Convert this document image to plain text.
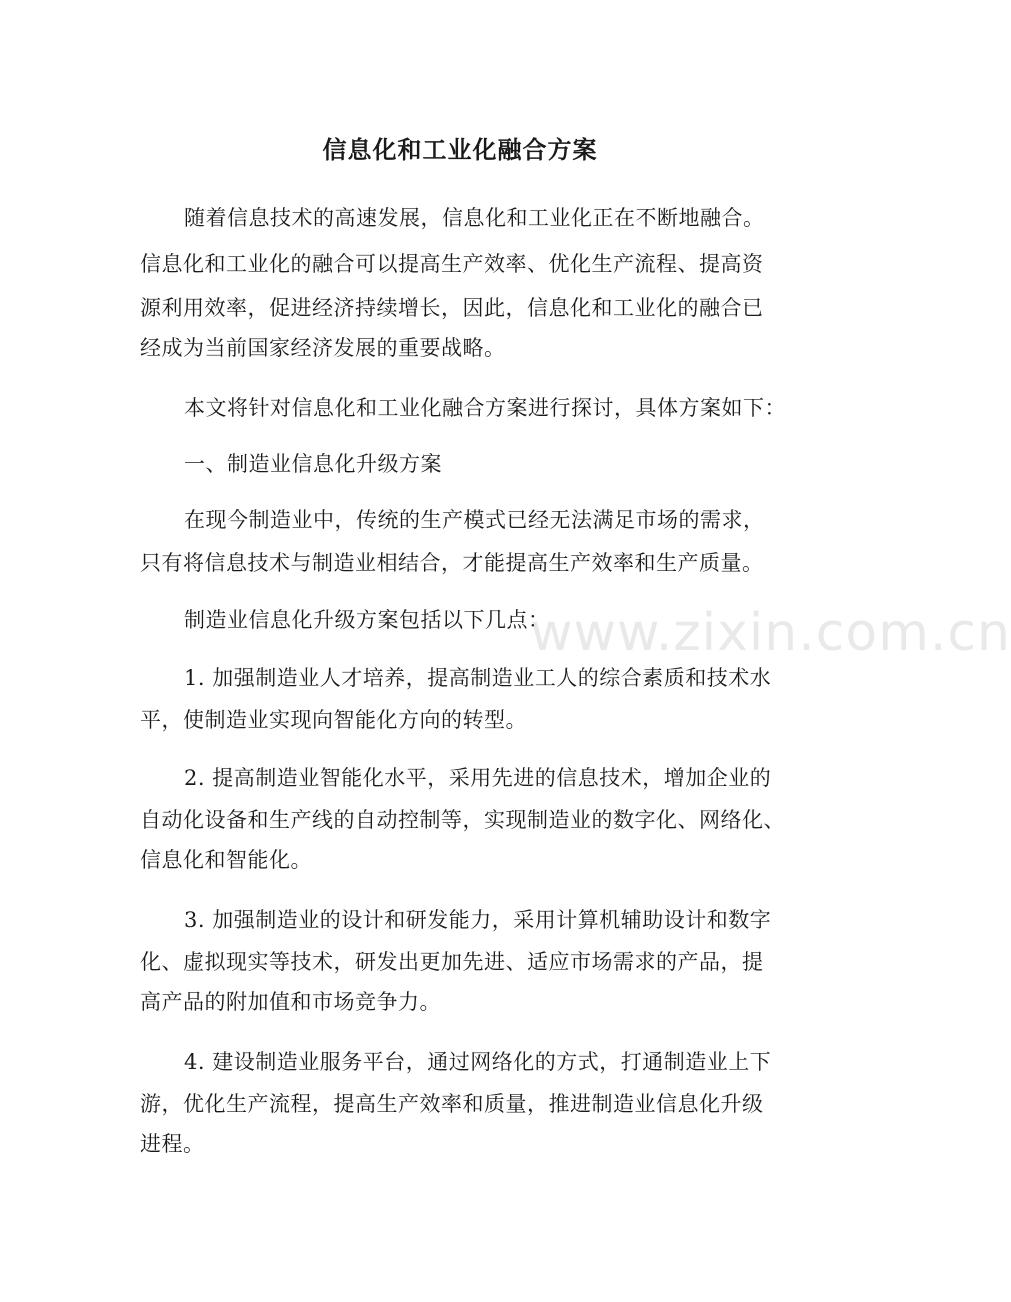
信息化和工业化融合方案
随着信息技术的高速发展，信息化和工业化正在不断地融合。
信息化和工业化的融合可以提高生产效率、优化生产流程、提高资
源利用效率，促进经济持续增长，因此，信息化和工业化的融合已
经成为当前国家经济发展的重要战略。
本文将针对信息化和工业化融合方案进行探讨，具体方案如下：
一、制造业信息化升级方案
在现今制造业中，传统的生产模式已经无法满足市场的需求，
只有将信息技术与制造业相结合，才能提高生产效率和生产质量。
制造业信息化升级方案包括以下几点：
1. 加强制造业人才培养，提高制造业工人的综合素质和技术水
平，使制造业实现向智能化方向的转型。
2. 提高制造业智能化水平，采用先进的信息技术，增加企业的
自动化设备和生产线的自动控制等，实现制造业的数字化、网络化、
信息化和智能化。
3. 加强制造业的设计和研发能力，采用计算机辅助设计和数字
化、虚拟现实等技术，研发出更加先进、适应市场需求的产品，提
高产品的附加值和市场竞争力。
4. 建设制造业服务平台，通过网络化的方式，打通制造业上下
游，优化生产流程，提高生产效率和质量，推进制造业信息化升级
进程。
www.zixin.com.cn
